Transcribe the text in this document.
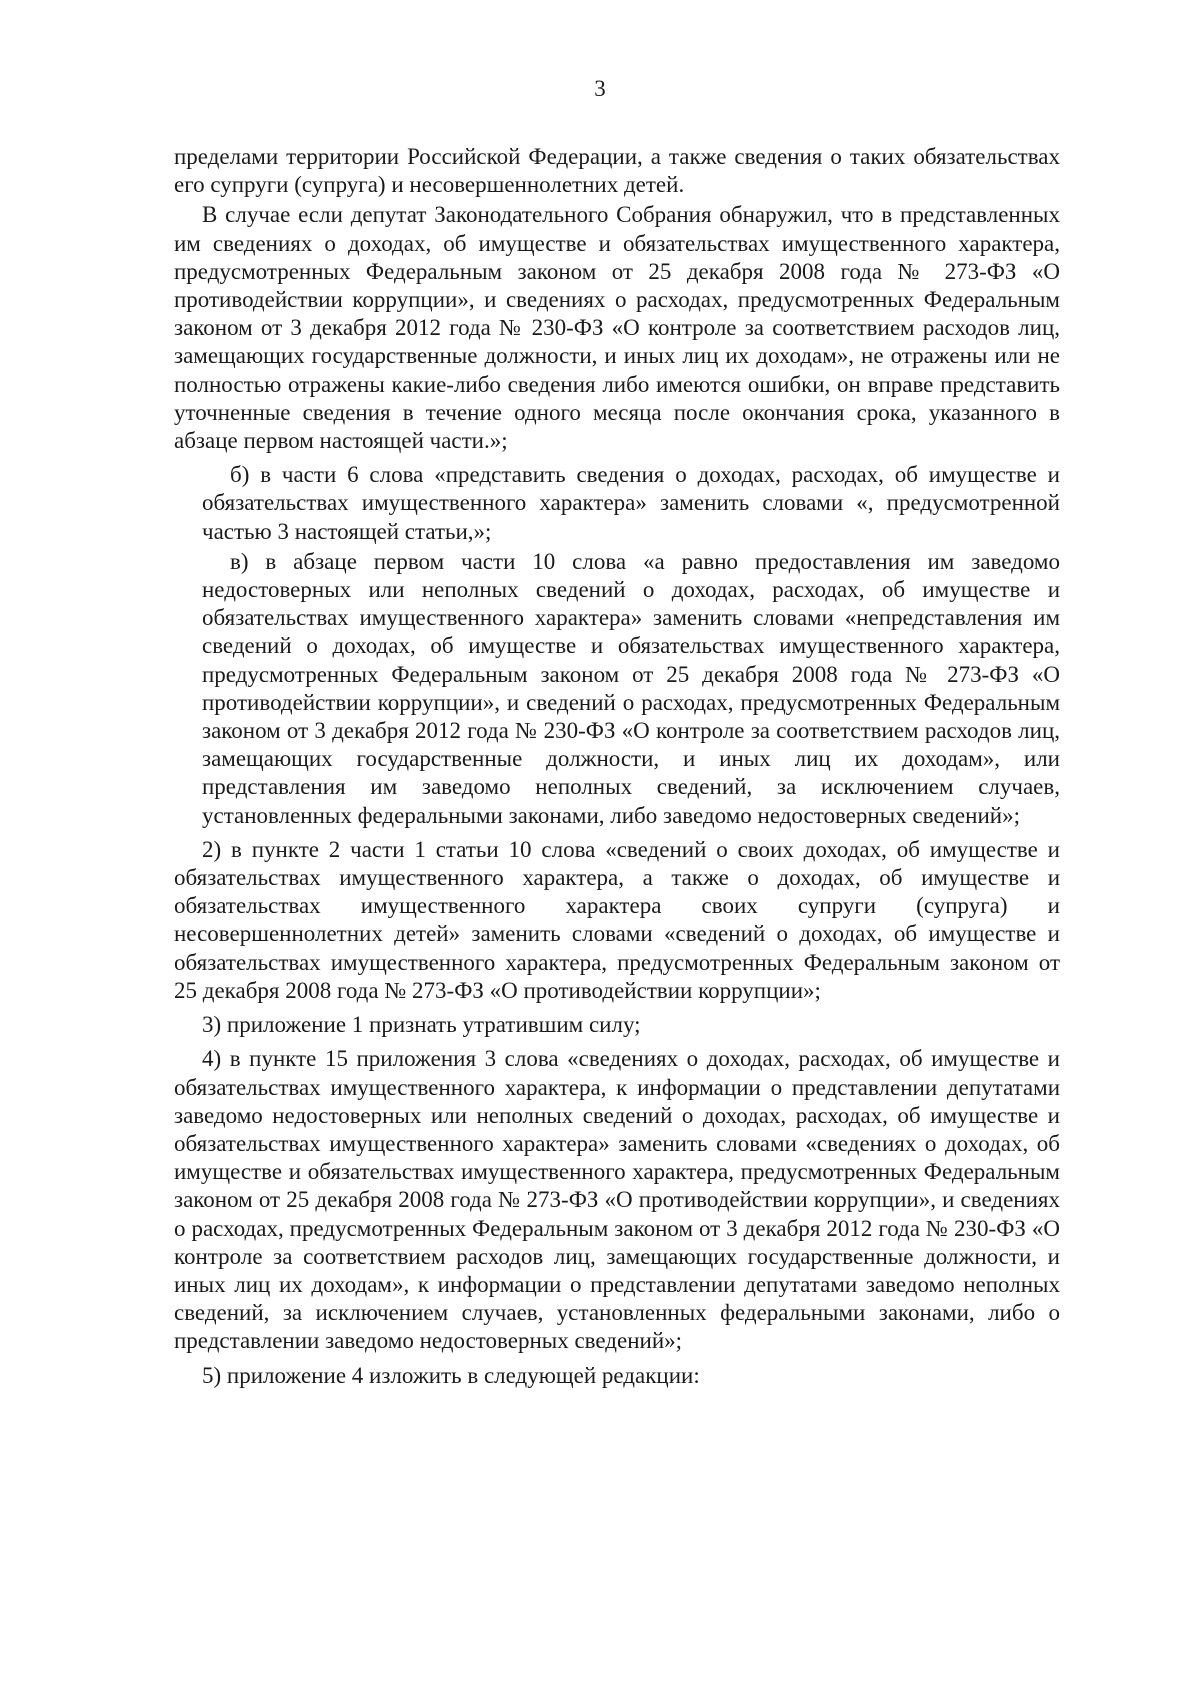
3

пределами территории Российской Федерации, а также сведения о таких обязательствах его супруги (супруга) и несовершеннолетних детей.

В случае если депутат Законодательного Собрания обнаружил, что в представленных им сведениях о доходах, об имуществе и обязательствах имущественного характера, предусмотренных Федеральным законом от 25 декабря 2008 года № 273-ФЗ «О противодействии коррупции», и сведениях о расходах, предусмотренных Федеральным законом от 3 декабря 2012 года № 230-ФЗ «О контроле за соответствием расходов лиц, замещающих государственные должности, и иных лиц их доходам», не отражены или не полностью отражены какие-либо сведения либо имеются ошибки, он вправе представить уточненные сведения в течение одного месяца после окончания срока, указанного в абзаце первом настоящей части.»;

б) в части 6 слова «представить сведения о доходах, расходах, об имуществе и обязательствах имущественного характера» заменить словами «, предусмотренной частью 3 настоящей статьи,»;

в) в абзаце первом части 10 слова «а равно предоставления им заведомо недостоверных или неполных сведений о доходах, расходах, об имуществе и обязательствах имущественного характера» заменить словами «непредставления им сведений о доходах, об имуществе и обязательствах имущественного характера, предусмотренных Федеральным законом от 25 декабря 2008 года № 273-ФЗ «О противодействии коррупции», и сведений о расходах, предусмотренных Федеральным законом от 3 декабря 2012 года № 230-ФЗ «О контроле за соответствием расходов лиц, замещающих государственные должности, и иных лиц их доходам», или представления им заведомо неполных сведений, за исключением случаев, установленных федеральными законами, либо заведомо недостоверных сведений»;

2) в пункте 2 части 1 статьи 10 слова «сведений о своих доходах, об имуществе и обязательствах имущественного характера, а также о доходах, об имуществе и обязательствах имущественного характера своих супруги (супруга) и несовершеннолетних детей» заменить словами «сведений о доходах, об имуществе и обязательствах имущественного характера, предусмотренных Федеральным законом от 25 декабря 2008 года № 273-ФЗ «О противодействии коррупции»;

3) приложение 1 признать утратившим силу;

4) в пункте 15 приложения 3 слова «сведениях о доходах, расходах, об имуществе и обязательствах имущественного характера, к информации о представлении депутатами заведомо недостоверных или неполных сведений о доходах, расходах, об имуществе и обязательствах имущественного характера» заменить словами «сведениях о доходах, об имуществе и обязательствах имущественного характера, предусмотренных Федеральным законом от 25 декабря 2008 года № 273-ФЗ «О противодействии коррупции», и сведениях о расходах, предусмотренных Федеральным законом от 3 декабря 2012 года № 230-ФЗ «О контроле за соответствием расходов лиц, замещающих государственные должности, и иных лиц их доходам», к информации о представлении депутатами заведомо неполных сведений, за исключением случаев, установленных федеральными законами, либо о представлении заведомо недостоверных сведений»;

5) приложение 4 изложить в следующей редакции:
